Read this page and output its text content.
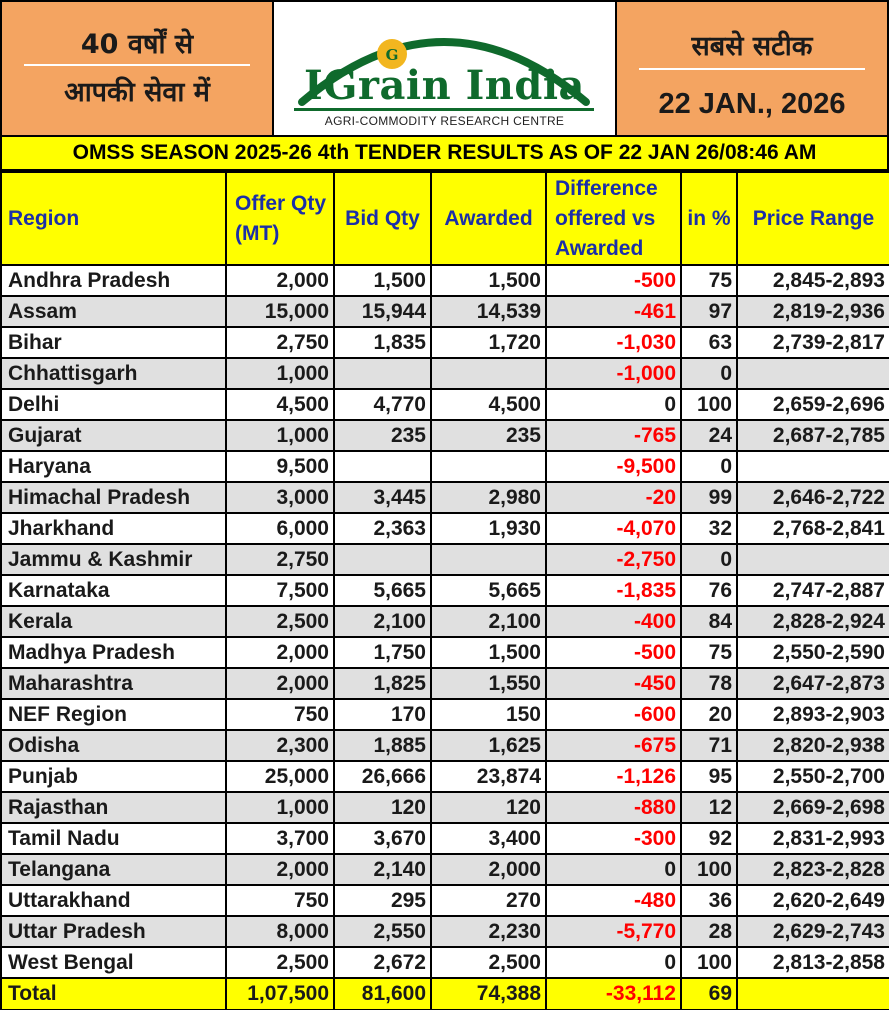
40 वर्षों से
आपकी सेवा में
G
IGrain India
AGRI-COMMODITY RESEARCH CENTRE
सबसे सटीक
22 JAN., 2026
OMSS SEASON 2025-26 4th TENDER RESULTS AS OF 22 JAN 26/08:46 AM
Region	Offer Qty (MT)	Bid Qty	Awarded	Difference offered vs Awarded	in %	Price Range
Andhra Pradesh	2,000	1,500	1,500	-500	75	2,845-2,893
Assam	15,000	15,944	14,539	-461	97	2,819-2,936
Bihar	2,750	1,835	1,720	-1,030	63	2,739-2,817
Chhattisgarh	1,000			-1,000	0	
Delhi	4,500	4,770	4,500	0	100	2,659-2,696
Gujarat	1,000	235	235	-765	24	2,687-2,785
Haryana	9,500			-9,500	0	
Himachal Pradesh	3,000	3,445	2,980	-20	99	2,646-2,722
Jharkhand	6,000	2,363	1,930	-4,070	32	2,768-2,841
Jammu & Kashmir	2,750			-2,750	0	
Karnataka	7,500	5,665	5,665	-1,835	76	2,747-2,887
Kerala	2,500	2,100	2,100	-400	84	2,828-2,924
Madhya Pradesh	2,000	1,750	1,500	-500	75	2,550-2,590
Maharashtra	2,000	1,825	1,550	-450	78	2,647-2,873
NEF Region	750	170	150	-600	20	2,893-2,903
Odisha	2,300	1,885	1,625	-675	71	2,820-2,938
Punjab	25,000	26,666	23,874	-1,126	95	2,550-2,700
Rajasthan	1,000	120	120	-880	12	2,669-2,698
Tamil Nadu	3,700	3,670	3,400	-300	92	2,831-2,993
Telangana	2,000	2,140	2,000	0	100	2,823-2,828
Uttarakhand	750	295	270	-480	36	2,620-2,649
Uttar Pradesh	8,000	2,550	2,230	-5,770	28	2,629-2,743
West Bengal	2,500	2,672	2,500	0	100	2,813-2,858
Total	1,07,500	81,600	74,388	-33,112	69	
